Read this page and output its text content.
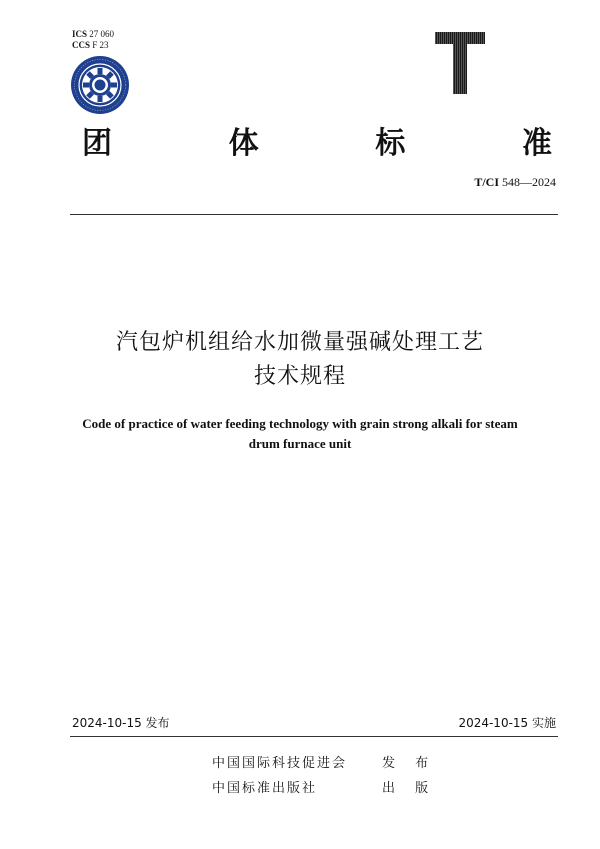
ICS 27 060
CCS F 23
团	体	标	准
T/CI 548—2024
汽包炉机组给水加微量强碱处理工艺
技术规程
Code of practice of water feeding technology with grain strong alkali for steam
drum furnace unit
2024-10-15 发布	2024-10-15 实施
中国国际科技促进会	发 布
中国标准出版社	出 版
